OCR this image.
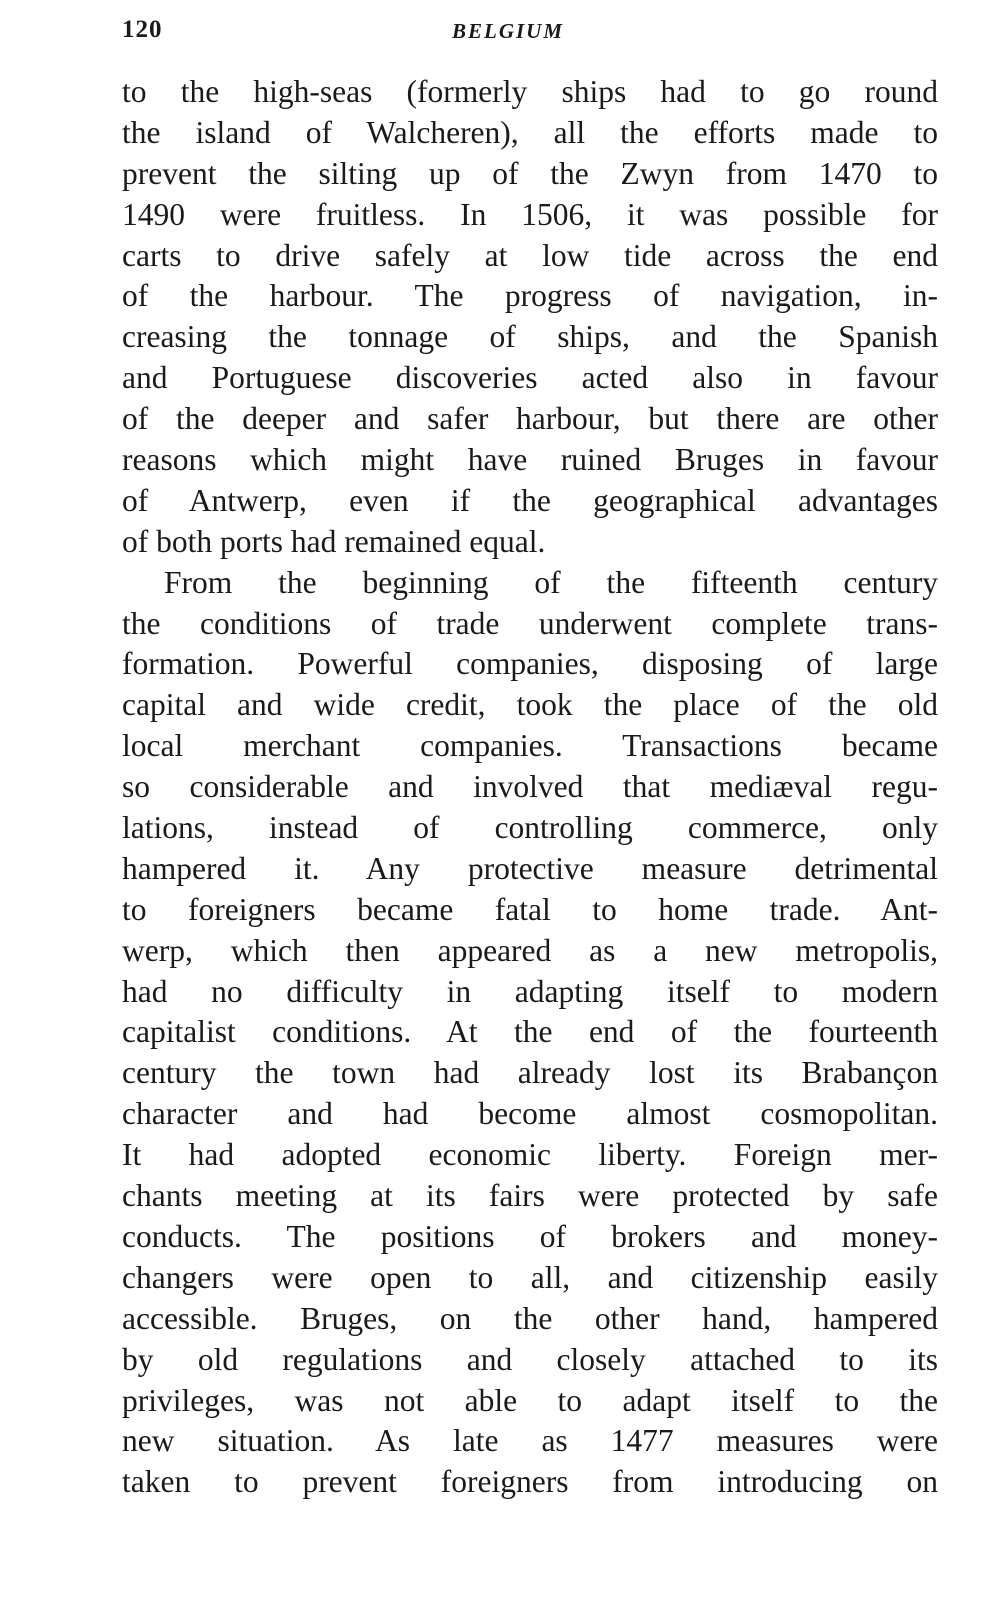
120	BELGIUM
to the high-seas (formerly ships had to go round
the island of Walcheren), all the efforts made to
prevent the silting up of the Zwyn from 1470 to
1490 were fruitless. In 1506, it was possible for
carts to drive safely at low tide across the end
of the harbour. The progress of navigation, in-
creasing the tonnage of ships, and the Spanish
and Portuguese discoveries acted also in favour
of the deeper and safer harbour, but there are other
reasons which might have ruined Bruges in favour
of Antwerp, even if the geographical advantages
of both ports had remained equal.
From the beginning of the fifteenth century
the conditions of trade underwent complete trans-
formation. Powerful companies, disposing of large
capital and wide credit, took the place of the old
local merchant companies. Transactions became
so considerable and involved that mediæval regu-
lations, instead of controlling commerce, only
hampered it. Any protective measure detrimental
to foreigners became fatal to home trade. Ant-
werp, which then appeared as a new metropolis,
had no difficulty in adapting itself to modern
capitalist conditions. At the end of the fourteenth
century the town had already lost its Brabançon
character and had become almost cosmopolitan.
It had adopted economic liberty. Foreign mer-
chants meeting at its fairs were protected by safe
conducts. The positions of brokers and money-
changers were open to all, and citizenship easily
accessible. Bruges, on the other hand, hampered
by old regulations and closely attached to its
privileges, was not able to adapt itself to the
new situation. As late as 1477 measures were
taken to prevent foreigners from introducing on
